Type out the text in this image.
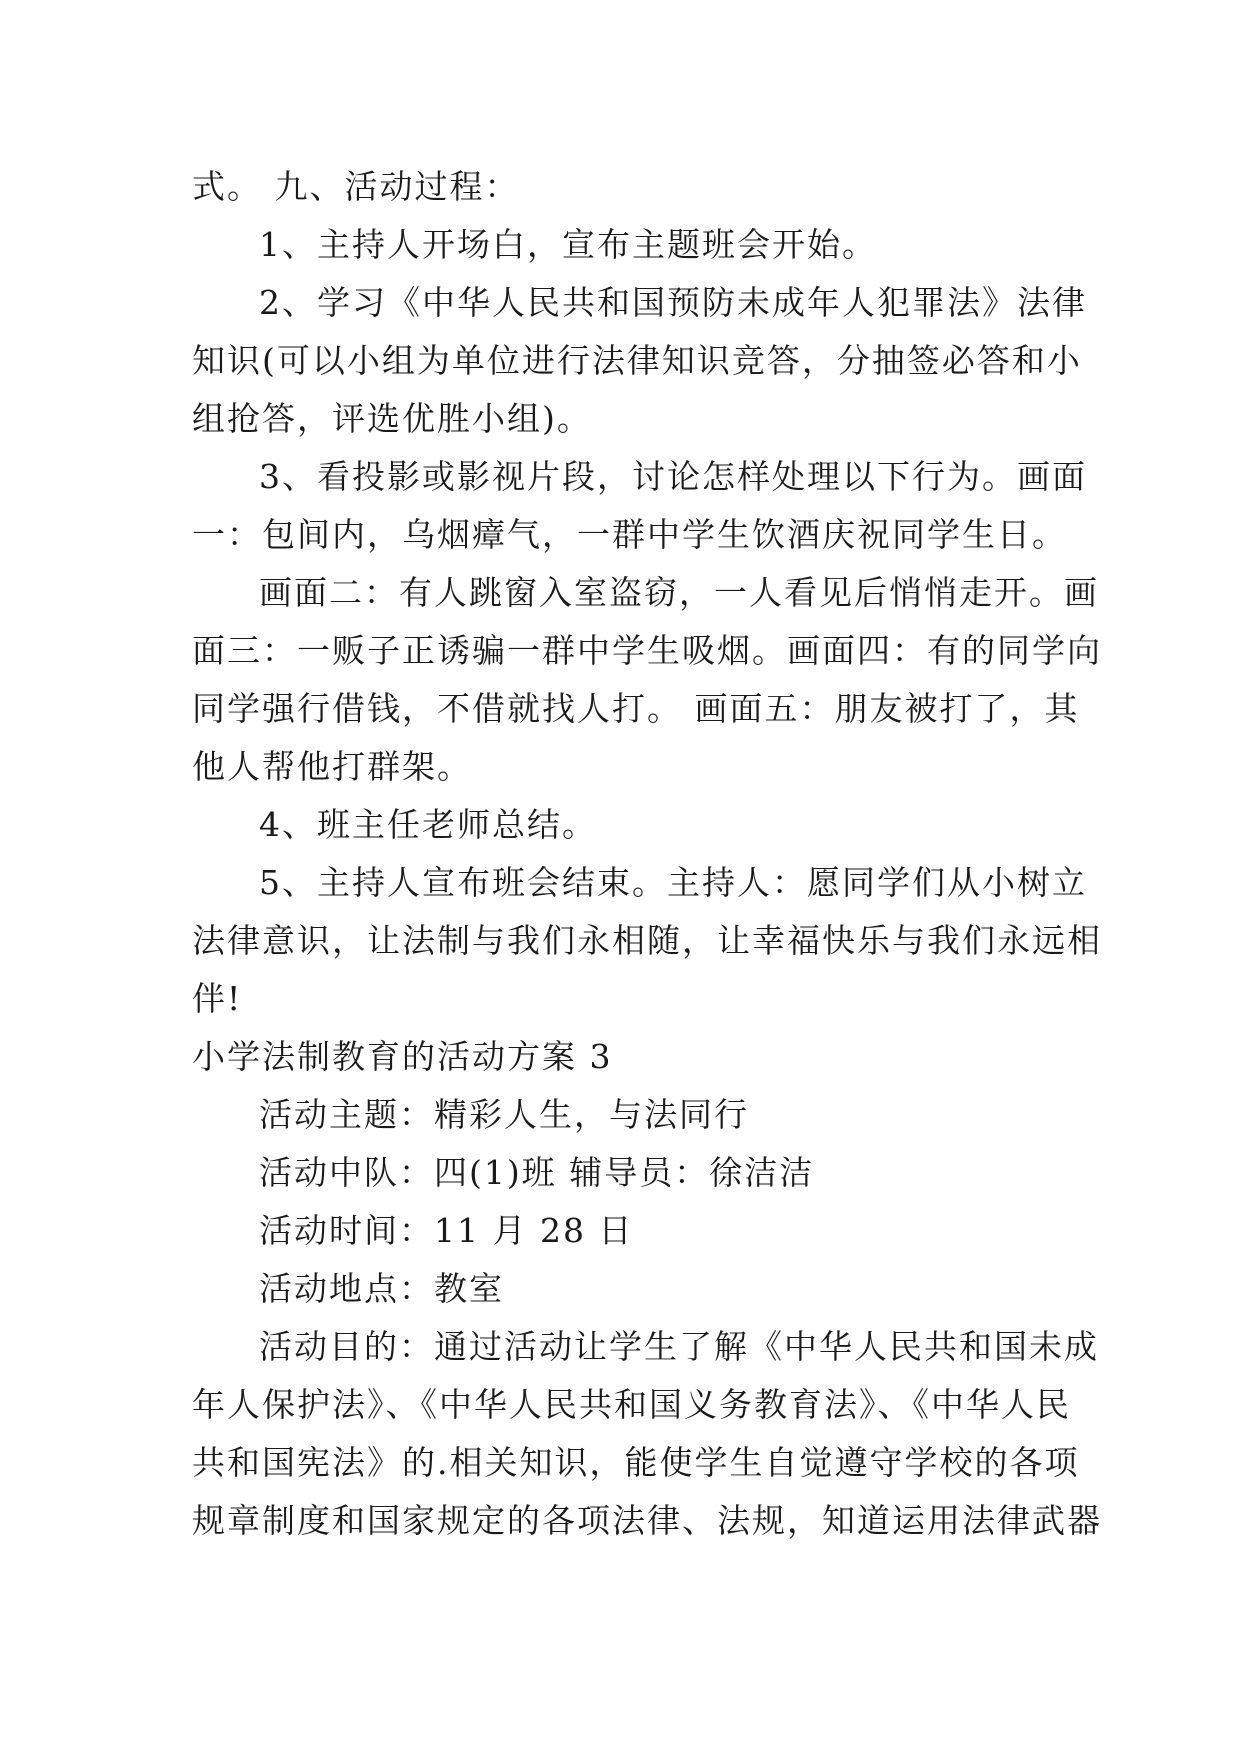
式。 九、活动过程：
1、主持人开场白，宣布主题班会开始。
2、学习《中华人民共和国预防未成年人犯罪法》法律
知识(可以小组为单位进行法律知识竞答，分抽签必答和小
组抢答，评选优胜小组)。
3、看投影或影视片段，讨论怎样处理以下行为。画面
一：包间内，乌烟瘴气，一群中学生饮酒庆祝同学生日。
画面二：有人跳窗入室盗窃，一人看见后悄悄走开。画
面三：一贩子正诱骗一群中学生吸烟。画面四：有的同学向
同学强行借钱，不借就找人打。 画面五：朋友被打了，其
他人帮他打群架。
4、班主任老师总结。
5、主持人宣布班会结束。主持人：愿同学们从小树立
法律意识，让法制与我们永相随，让幸福快乐与我们永远相
伴!
小学法制教育的活动方案 3
活动主题：精彩人生，与法同行
活动中队：四(1)班 辅导员：徐洁洁
活动时间：11 月 28 日
活动地点：教室
活动目的：通过活动让学生了解《中华人民共和国未成
年人保护法》、《中华人民共和国义务教育法》、《中华人民
共和国宪法》的.相关知识，能使学生自觉遵守学校的各项
规章制度和国家规定的各项法律、法规，知道运用法律武器
